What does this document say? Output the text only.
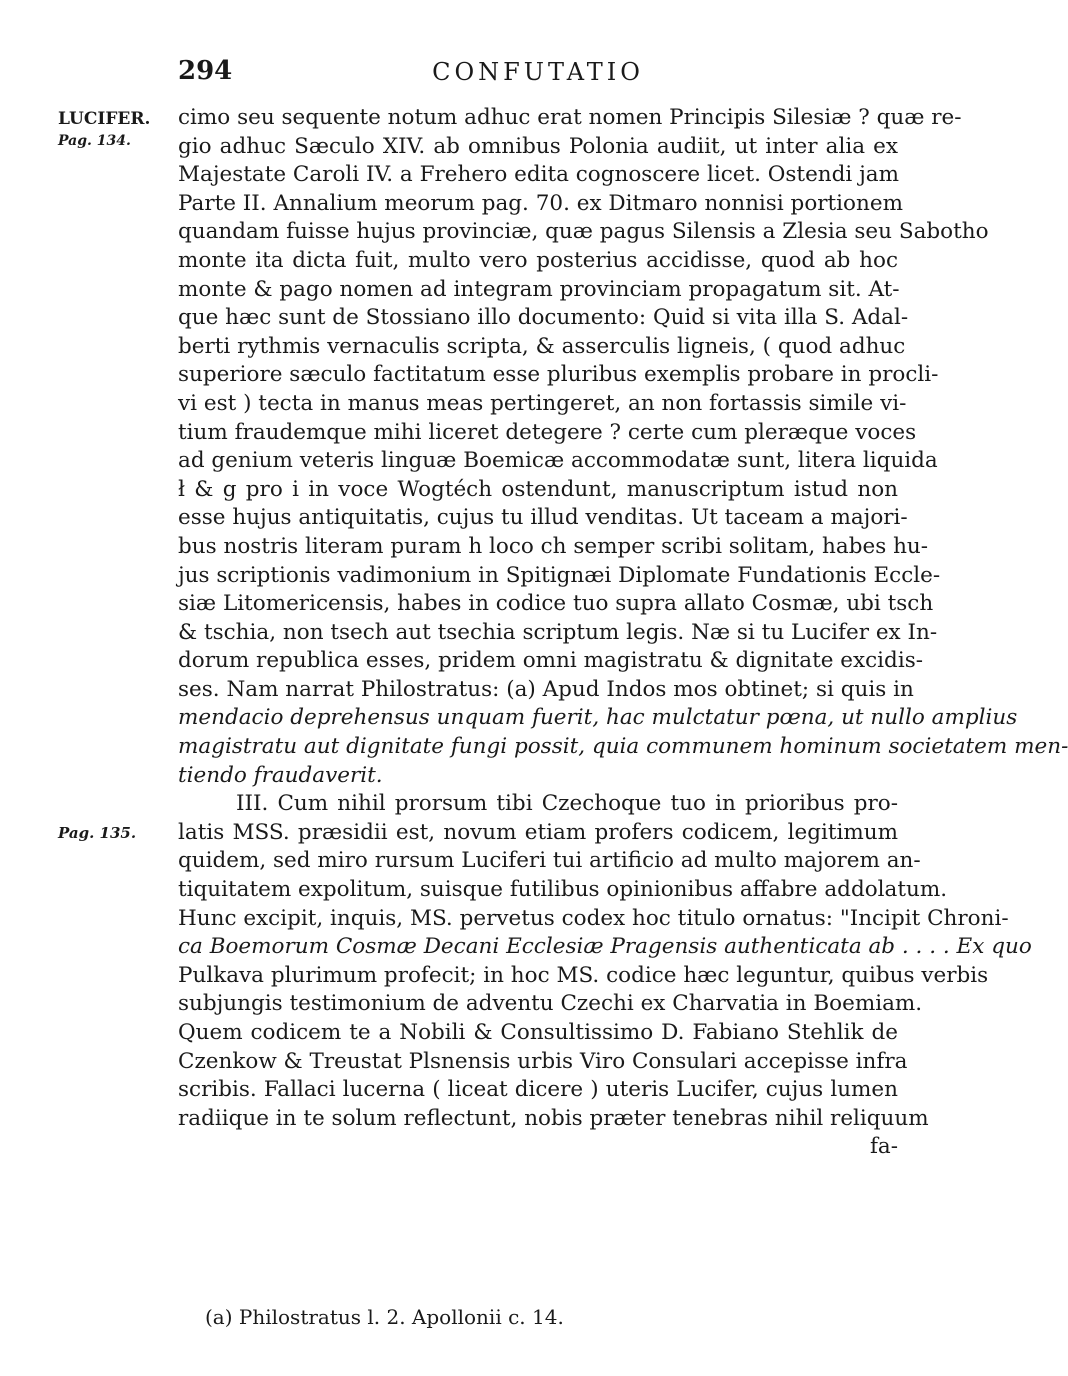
294	CONFUTATIO
LUCIFER.
Pag. 134.
Pag. 135.
cimo seu sequente notum adhuc erat nomen Principis Silesiæ ? quæ re-
gio adhuc Sæculo XIV. ab omnibus Polonia audiit, ut inter alia ex
Majestate Caroli IV. a Frehero edita cognoscere licet. Ostendi jam
Parte II. Annalium meorum pag. 70. ex Ditmaro nonnisi portionem
quandam fuisse hujus provinciæ, quæ pagus Silensis a Zlesia seu Sabotho
monte ita dicta fuit, multo vero posterius accidisse, quod ab hoc
monte & pago nomen ad integram provinciam propagatum sit. At-
que hæc sunt de Stossiano illo documento: Quid si vita illa S. Adal-
berti rythmis vernaculis scripta, & asserculis ligneis, ( quod adhuc
superiore sæculo factitatum esse pluribus exemplis probare in procli-
vi est ) tecta in manus meas pertingeret, an non fortassis simile vi-
tium fraudemque mihi liceret detegere ? certe cum pleræque voces
ad genium veteris linguæ Boemicæ accommodatæ sunt, litera liquida
ł & g pro i in voce Wogtéch ostendunt, manuscriptum istud non
esse hujus antiquitatis, cujus tu illud venditas. Ut taceam a majori-
bus nostris literam puram h loco ch semper scribi solitam, habes hu-
jus scriptionis vadimonium in Spitignæi Diplomate Fundationis Eccle-
siæ Litomericensis, habes in codice tuo supra allato Cosmæ, ubi tsch
& tschia, non tsech aut tsechia scriptum legis. Næ si tu Lucifer ex In-
dorum republica esses, pridem omni magistratu & dignitate excidis-
ses. Nam narrat Philostratus: (a) Apud Indos mos obtinet; si quis in
mendacio deprehensus unquam fuerit, hac mulctatur pœna, ut nullo amplius
magistratu aut dignitate fungi possit, quia communem hominum societatem men-
tiendo fraudaverit.
III. Cum nihil prorsum tibi Czechoque tuo in prioribus pro-
latis MSS. præsidii est, novum etiam profers codicem, legitimum
quidem, sed miro rursum Luciferi tui artificio ad multo majorem an-
tiquitatem expolitum, suisque futilibus opinionibus affabre addolatum.
Hunc excipit, inquis, MS. pervetus codex hoc titulo ornatus: "Incipit Chroni-
ca Boemorum Cosmæ Decani Ecclesiæ Pragensis authenticata ab . . . . Ex quo
Pulkava plurimum profecit; in hoc MS. codice hæc leguntur, quibus verbis
subjungis testimonium de adventu Czechi ex Charvatia in Boemiam.
Quem codicem te a Nobili & Consultissimo D. Fabiano Stehlik de
Czenkow & Treustat Plsnensis urbis Viro Consulari accepisse infra
scribis. Fallaci lucerna ( liceat dicere ) uteris Lucifer, cujus lumen
radiique in te solum reflectunt, nobis præter tenebras nihil reliquum
fa-
(a) Philostratus l. 2. Apollonii c. 14.
